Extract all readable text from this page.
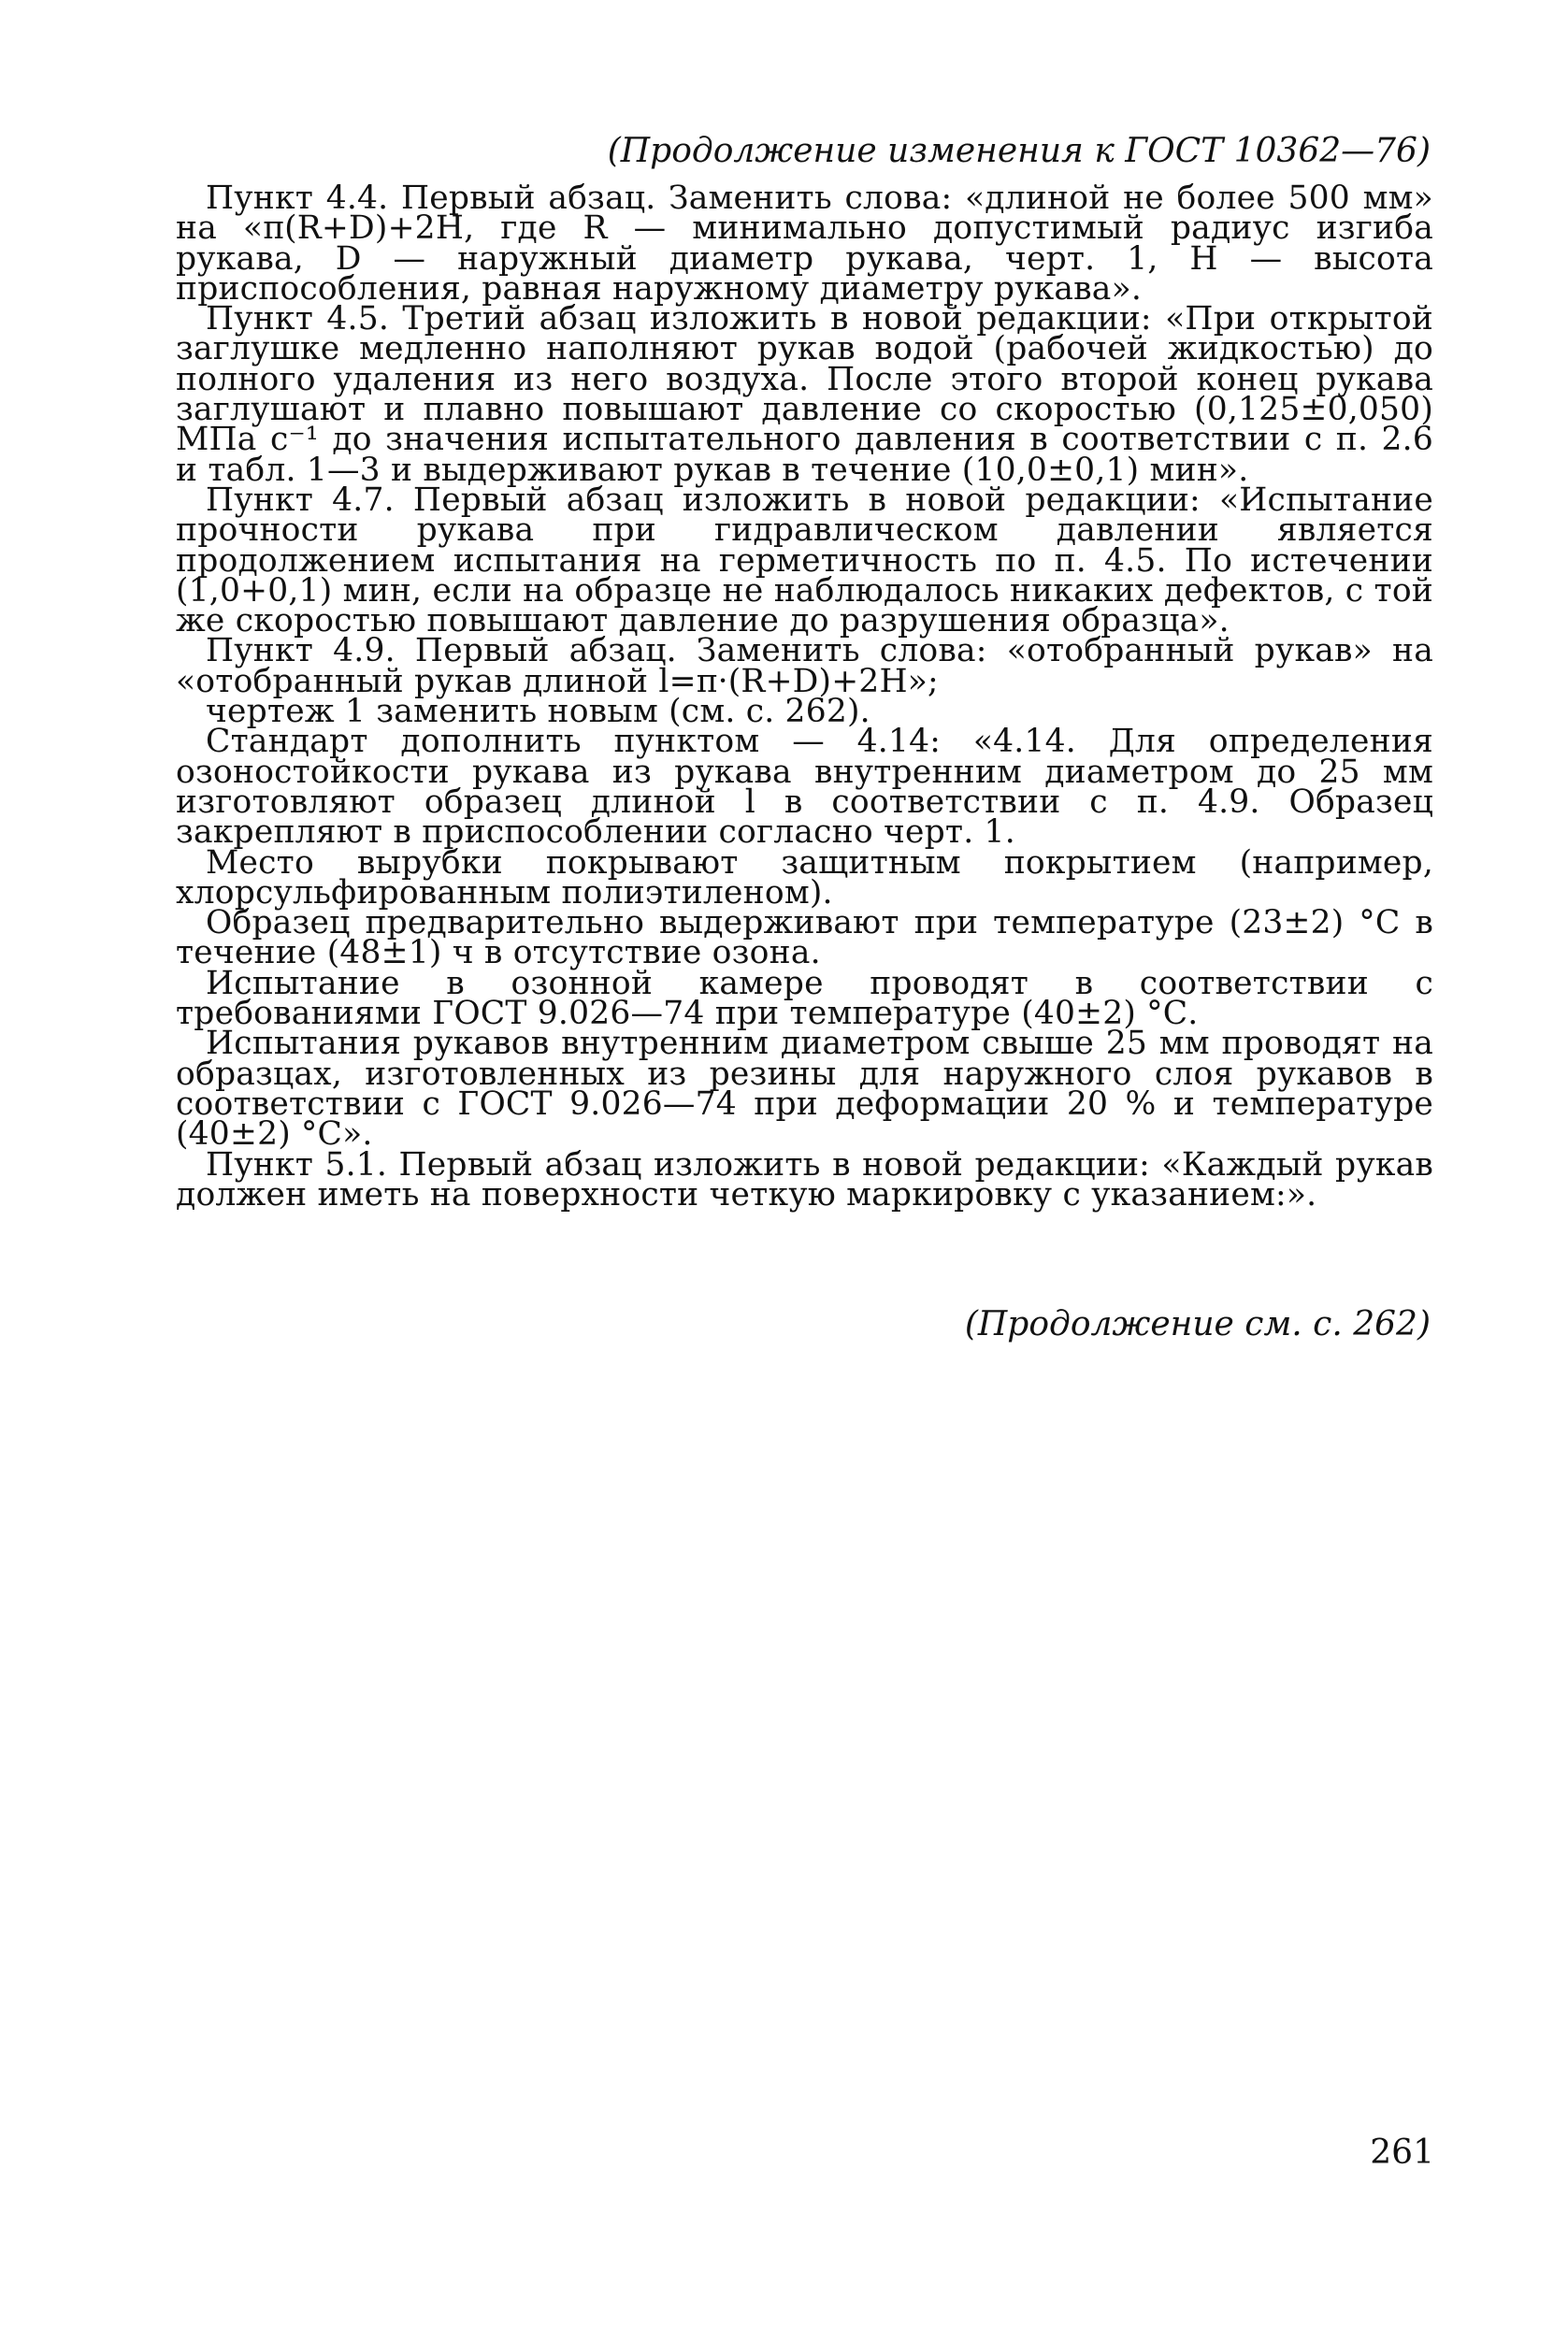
(Продолжение изменения к ГОСТ 10362—76)

Пункт 4.4. Первый абзац. Заменить слова: «длиной не более 500 мм» на «π(R+D)+2H, где R — минимально допустимый радиус изгиба рукава, D — наружный диаметр рукава, черт. 1, H — высота приспособления, равная наружному диаметру рукава».

Пункт 4.5. Третий абзац изложить в новой редакции: «При открытой заглушке медленно наполняют рукав водой (рабочей жидкостью) до полного удаления из него воздуха. После этого второй конец рукава заглушают и плавно повышают давление со скоростью (0,125±0,050) МПа с⁻¹ до значения испытательного давления в соответствии с п. 2.6 и табл. 1—3 и выдерживают рукав в течение (10,0±0,1) мин».

Пункт 4.7. Первый абзац изложить в новой редакции: «Испытание прочности рукава при гидравлическом давлении является продолжением испытания на герметичность по п. 4.5. По истечении (1,0+0,1) мин, если на образце не наблюдалось никаких дефектов, с той же скоростью повышают давление до разрушения образца».

Пункт 4.9. Первый абзац. Заменить слова: «отобранный рукав» на «отобранный рукав длиной l=π·(R+D)+2H»;

чертеж 1 заменить новым (см. с. 262).

Стандарт дополнить пунктом — 4.14: «4.14. Для определения озоностойкости рукава из рукава внутренним диаметром до 25 мм изготовляют образец длиной l в соответствии с п. 4.9. Образец закрепляют в приспособлении согласно черт. 1.

Место вырубки покрывают защитным покрытием (например, хлорсульфированным полиэтиленом).

Образец предварительно выдерживают при температуре (23±2) °С в течение (48±1) ч в отсутствие озона.

Испытание в озонной камере проводят в соответствии с требованиями ГОСТ 9.026—74 при температуре (40±2) °С.

Испытания рукавов внутренним диаметром свыше 25 мм проводят на образцах, изготовленных из резины для наружного слоя рукавов в соответствии с ГОСТ 9.026—74 при деформации 20 % и температуре (40±2) °С».

Пункт 5.1. Первый абзац изложить в новой редакции: «Каждый рукав должен иметь на поверхности четкую маркировку с указанием:».

(Продолжение см. с. 262)
261
